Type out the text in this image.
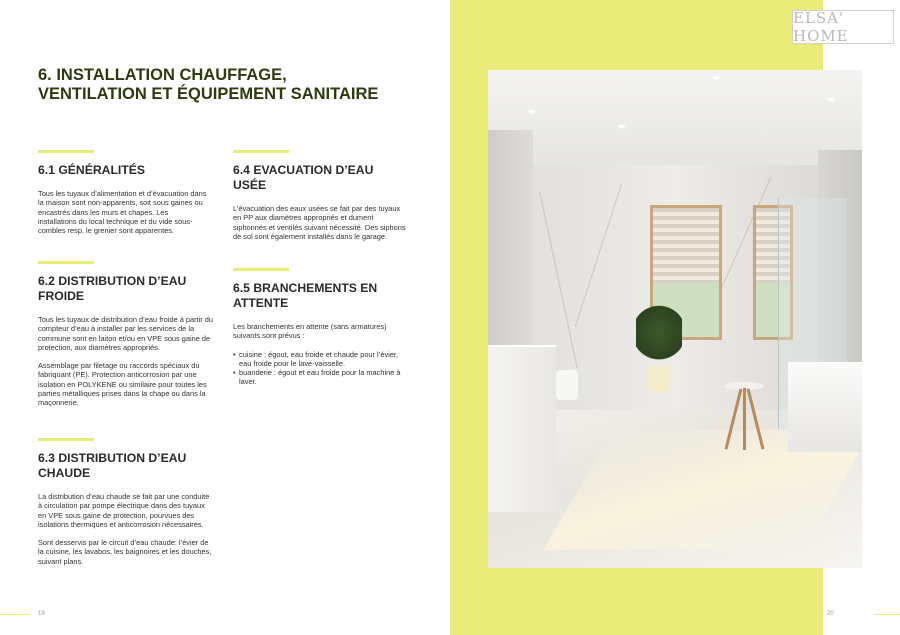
6. INSTALLATION CHAUFFAGE, VENTILATION ET ÉQUIPEMENT SANITAIRE
6.1 GÉNÉRALITÉS

Tous les tuyaux d’alimentation et d’évacuation dans la maison sont non-apparents, soit sous gaines ou encastrés dans les murs et chapes. Les installations du local technique et du vide sous-combles resp. le grenier sont apparentes.

6.2 DISTRIBUTION D’EAU FROIDE

Tous les tuyaux de distribution d’eau froide à partir du compteur d’eau à installer par les services de la commune sont en laiton et/ou en VPE sous gaine de protection, aux diamètres appropriés.

Assemblage par filetage ou raccords spéciaux du fabriquant (PE). Protection anticorrosion par une isolation en POLYKENE ou similaire pour toutes les parties métalliques prises dans la chape ou dans la maçonnerie.

6.3 DISTRIBUTION D’EAU CHAUDE

La distribution d’eau chaude se fait par une conduite à circulation par pompe électrique dans des tuyaux en VPE sous gaine de protection, pourvues des isolations thermiques et anticorrosion nécessaires.

Sont desservis par le circuit d’eau chaude: l’évier de la cuisine, les lavabos, les baignoires et les douches, suivant plans.

6.4 EVACUATION D’EAU USÉE

L’évacuation des eaux usées se fait par des tuyaux en PP aux diamètres appropriés et dument siphonnés et ventilés suivant nécessité. Des siphons de sol sont également installés dans le garage.

6.5 BRANCHEMENTS EN ATTENTE

Les branchements en attente (sans armatures) suivants sont prévus :

• cuisine : égout, eau froide et chaude pour l’évier, eau froide pour le lave-vaisselle.
• buanderie : égout et eau froide pour la machine à laver.
19
ELSA' HOME
20
